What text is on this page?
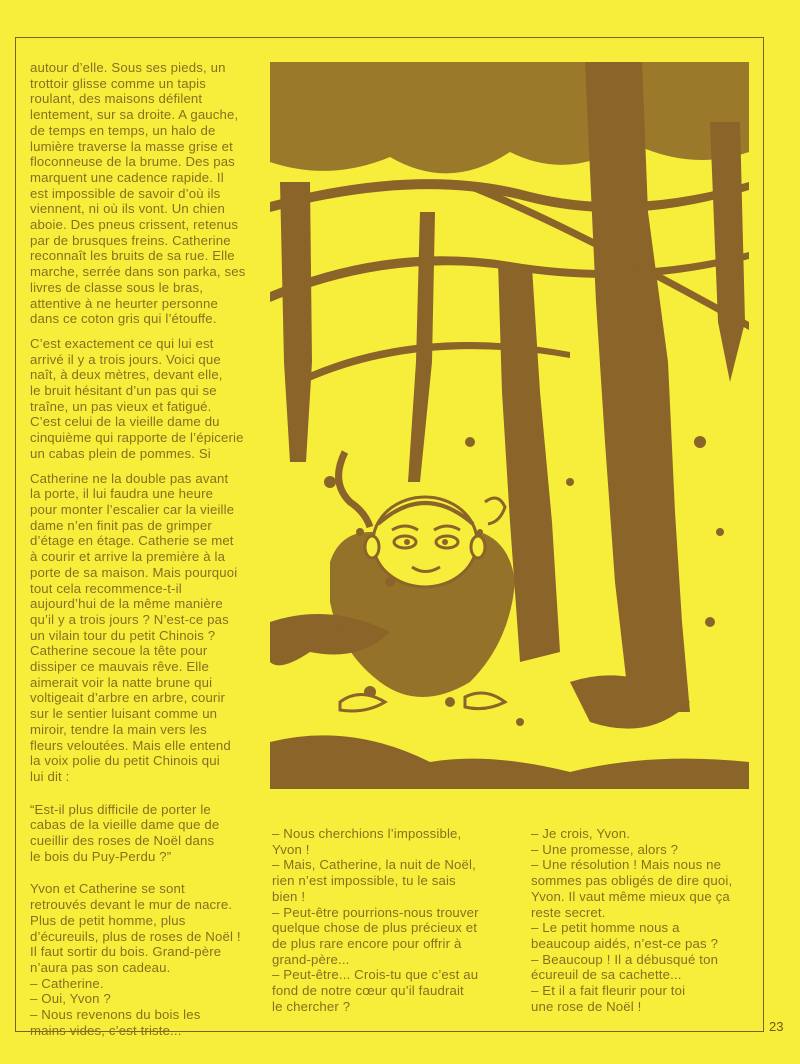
autour d’elle. Sous ses pieds, un
trottoir glisse comme un tapis
roulant, des maisons défilent
lentement, sur sa droite. A gauche,
de temps en temps, un halo de
lumière traverse la masse grise et
floconneuse de la brume. Des pas
marquent une cadence rapide. Il
est impossible de savoir d’où ils
viennent, ni où ils vont. Un chien
aboie. Des pneus crissent, retenus
par de brusques freins. Catherine
reconnaît les bruits de sa rue. Elle
marche, serrée dans son parka, ses
livres de classe sous le bras,
attentive à ne heurter personne
dans ce coton gris qui l’étouffe.

C’est exactement ce qui lui est
arrivé il y a trois jours. Voici que
naît, à deux mètres, devant elle,
le bruit hésitant d’un pas qui se
traîne, un pas vieux et fatigué.
C’est celui de la vieille dame du
cinquième qui rapporte de l’épicerie
un cabas plein de pommes. Si

Catherine ne la double pas avant
la porte, il lui faudra une heure
pour monter l’escalier car la vieille
dame n’en finit pas de grimper
d’étage en étage. Catherie se met
à courir et arrive la première à la
porte de sa maison. Mais pourquoi
tout cela recommence-t-il
aujourd’hui de la même manière
qu’il y a trois jours ? N’est-ce pas
un vilain tour du petit Chinois ?
Catherine secoue la tête pour
dissiper ce mauvais rêve. Elle
aimerait voir la natte brune qui
voltigeait d’arbre en arbre, courir
sur le sentier luisant comme un
miroir, tendre la main vers les
fleurs veloutées. Mais elle entend
la voix polie du petit Chinois qui
lui dit :

“Est-il plus difficile de porter le
cabas de la vieille dame que de
cueillir des roses de Noël dans
le bois du Puy-Perdu ?”

Yvon et Catherine se sont
retrouvés devant le mur de nacre.
Plus de petit homme, plus
d’écureuils, plus de roses de Noël !
Il faut sortir du bois. Grand-père
n’aura pas son cadeau.
– Catherine.
– Oui, Yvon ?
– Nous revenons du bois les
mains vides, c’est triste...

– Nous cherchions l’impossible,
Yvon !
– Mais, Catherine, la nuit de Noël,
rien n’est impossible, tu le sais
bien !
– Peut-être pourrions-nous trouver
quelque chose de plus précieux et
de plus rare encore pour offrir à
grand-père...
– Peut-être... Crois-tu que c’est au
fond de notre cœur qu’il faudrait
le chercher ?

– Je crois, Yvon.
– Une promesse, alors ?
– Une résolution ! Mais nous ne
sommes pas obligés de dire quoi,
Yvon. Il vaut même mieux que ça
reste secret.
– Le petit homme nous a
beaucoup aidés, n’est-ce pas ?
– Beaucoup ! Il a débusqué ton
écureuil de sa cachette...
– Et il a fait fleurir pour toi
une rose de Noël !

23
